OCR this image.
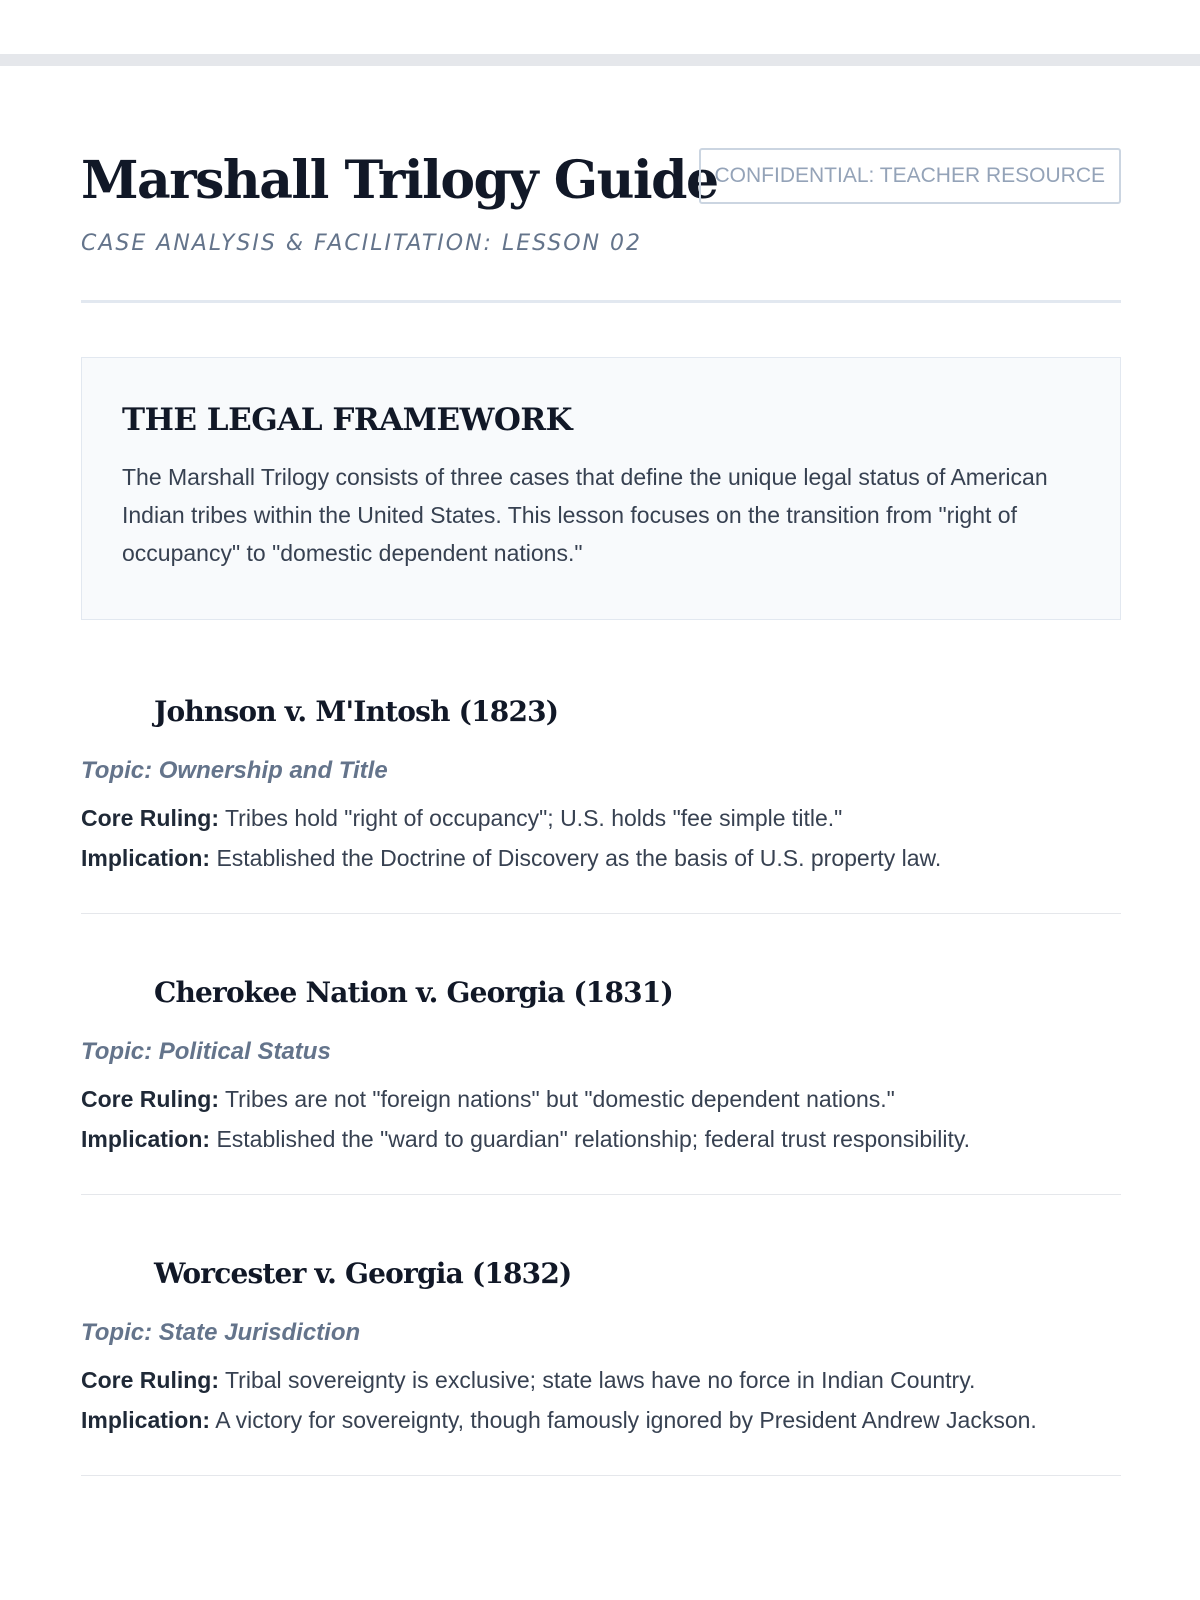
Marshall Trilogy Guide
CASE ANALYSIS & FACILITATION: LESSON 02
CONFIDENTIAL: TEACHER RESOURCE
THE LEGAL FRAMEWORK

The Marshall Trilogy consists of three cases that define the unique legal status of American Indian tribes within the United States. This lesson focuses on the transition from "right of occupancy" to "domestic dependent nations."

Johnson v. M'Intosh (1823)
Topic: Ownership and Title
Core Ruling: Tribes hold "right of occupancy"; U.S. holds "fee simple title."
Implication: Established the Doctrine of Discovery as the basis of U.S. property law.
Cherokee Nation v. Georgia (1831)
Topic: Political Status
Core Ruling: Tribes are not "foreign nations" but "domestic dependent nations."
Implication: Established the "ward to guardian" relationship; federal trust responsibility.
Worcester v. Georgia (1832)
Topic: State Jurisdiction
Core Ruling: Tribal sovereignty is exclusive; state laws have no force in Indian Country.
Implication: A victory for sovereignty, though famously ignored by President Andrew Jackson.
